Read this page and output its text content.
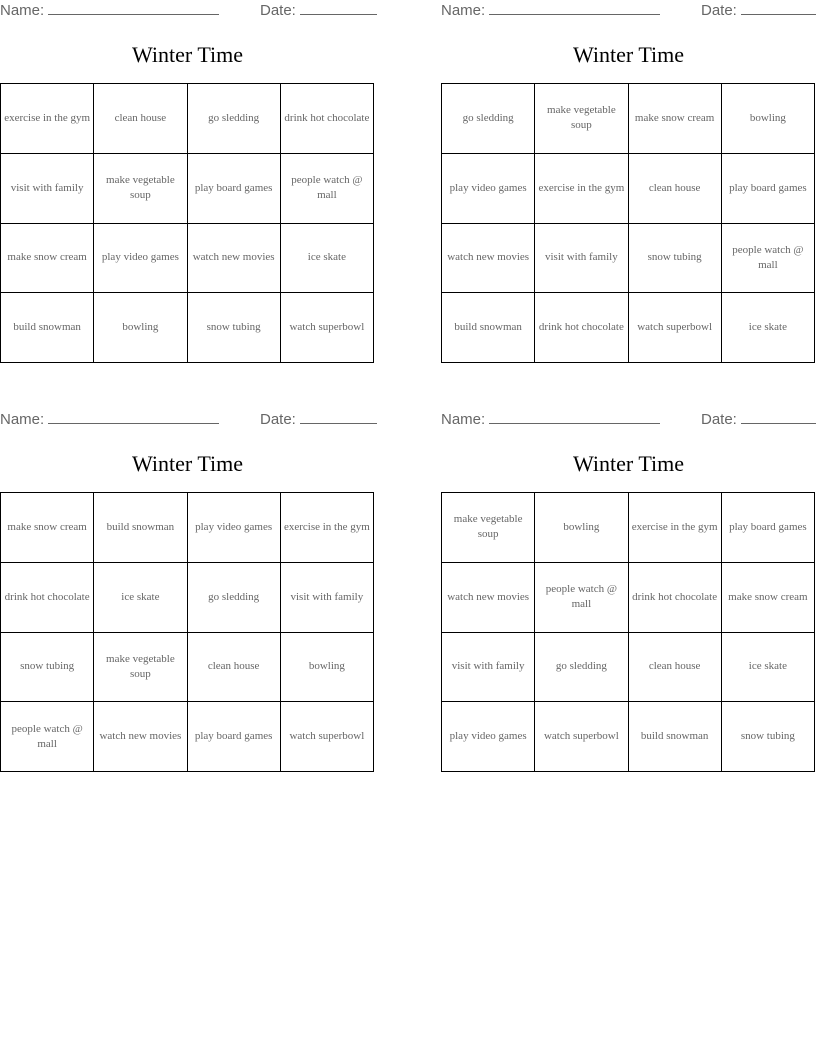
Name:	Date:
Winter Time
exercise in the gym	clean house	go sledding	drink hot chocolate
visit with family	make vegetable soup	play board games	people watch @ mall
make snow cream	play video games	watch new movies	ice skate
build snowman	bowling	snow tubing	watch superbowl
Name:	Date:
Winter Time
go sledding	make vegetable soup	make snow cream	bowling
play video games	exercise in the gym	clean house	play board games
watch new movies	visit with family	snow tubing	people watch @ mall
build snowman	drink hot chocolate	watch superbowl	ice skate
Name:	Date:
Winter Time
make snow cream	build snowman	play video games	exercise in the gym
drink hot chocolate	ice skate	go sledding	visit with family
snow tubing	make vegetable soup	clean house	bowling
people watch @ mall	watch new movies	play board games	watch superbowl
Name:	Date:
Winter Time
make vegetable soup	bowling	exercise in the gym	play board games
watch new movies	people watch @ mall	drink hot chocolate	make snow cream
visit with family	go sledding	clean house	ice skate
play video games	watch superbowl	build snowman	snow tubing
